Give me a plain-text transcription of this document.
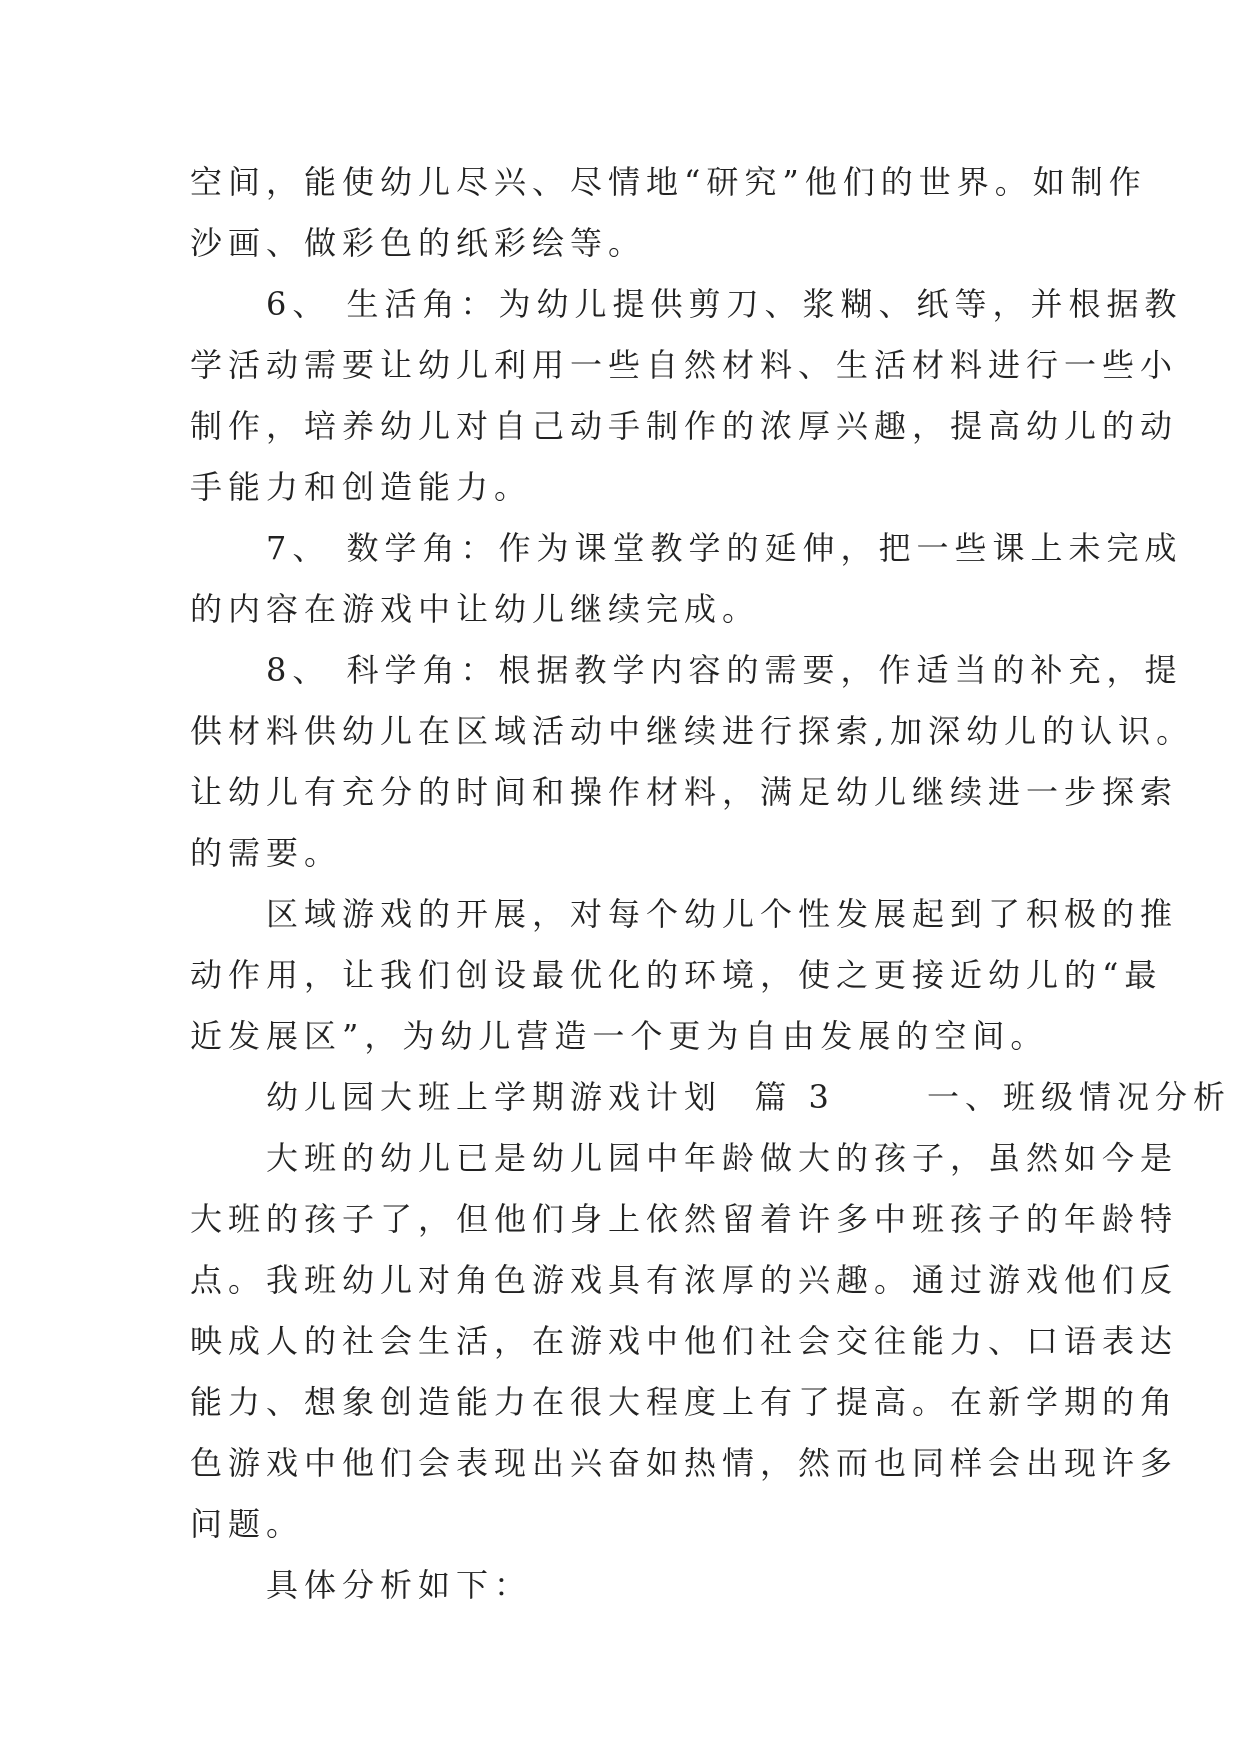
空间，能使幼儿尽兴、尽情地“研究”他们的世界。如制作
沙画、做彩色的纸彩绘等。
　　6、 生活角：为幼儿提供剪刀、浆糊、纸等，并根据教
学活动需要让幼儿利用一些自然材料、生活材料进行一些小
制作，培养幼儿对自己动手制作的浓厚兴趣，提高幼儿的动
手能力和创造能力。
　　7、 数学角：作为课堂教学的延伸，把一些课上未完成
的内容在游戏中让幼儿继续完成。
　　8、 科学角：根据教学内容的需要，作适当的补充，提
供材料供幼儿在区域活动中继续进行探索,加深幼儿的认识。
让幼儿有充分的时间和操作材料，满足幼儿继续进一步探索
的需要。
　　区域游戏的开展，对每个幼儿个性发展起到了积极的推
动作用，让我们创设最优化的环境，使之更接近幼儿的“最
近发展区”，为幼儿营造一个更为自由发展的空间。
　　幼儿园大班上学期游戏计划  篇 3 　　一、班级情况分析
　　大班的幼儿已是幼儿园中年龄做大的孩子，虽然如今是
大班的孩子了，但他们身上依然留着许多中班孩子的年龄特
点。我班幼儿对角色游戏具有浓厚的兴趣。通过游戏他们反
映成人的社会生活，在游戏中他们社会交往能力、口语表达
能力、想象创造能力在很大程度上有了提高。在新学期的角
色游戏中他们会表现出兴奋如热情，然而也同样会出现许多
问题。
　　具体分析如下：
